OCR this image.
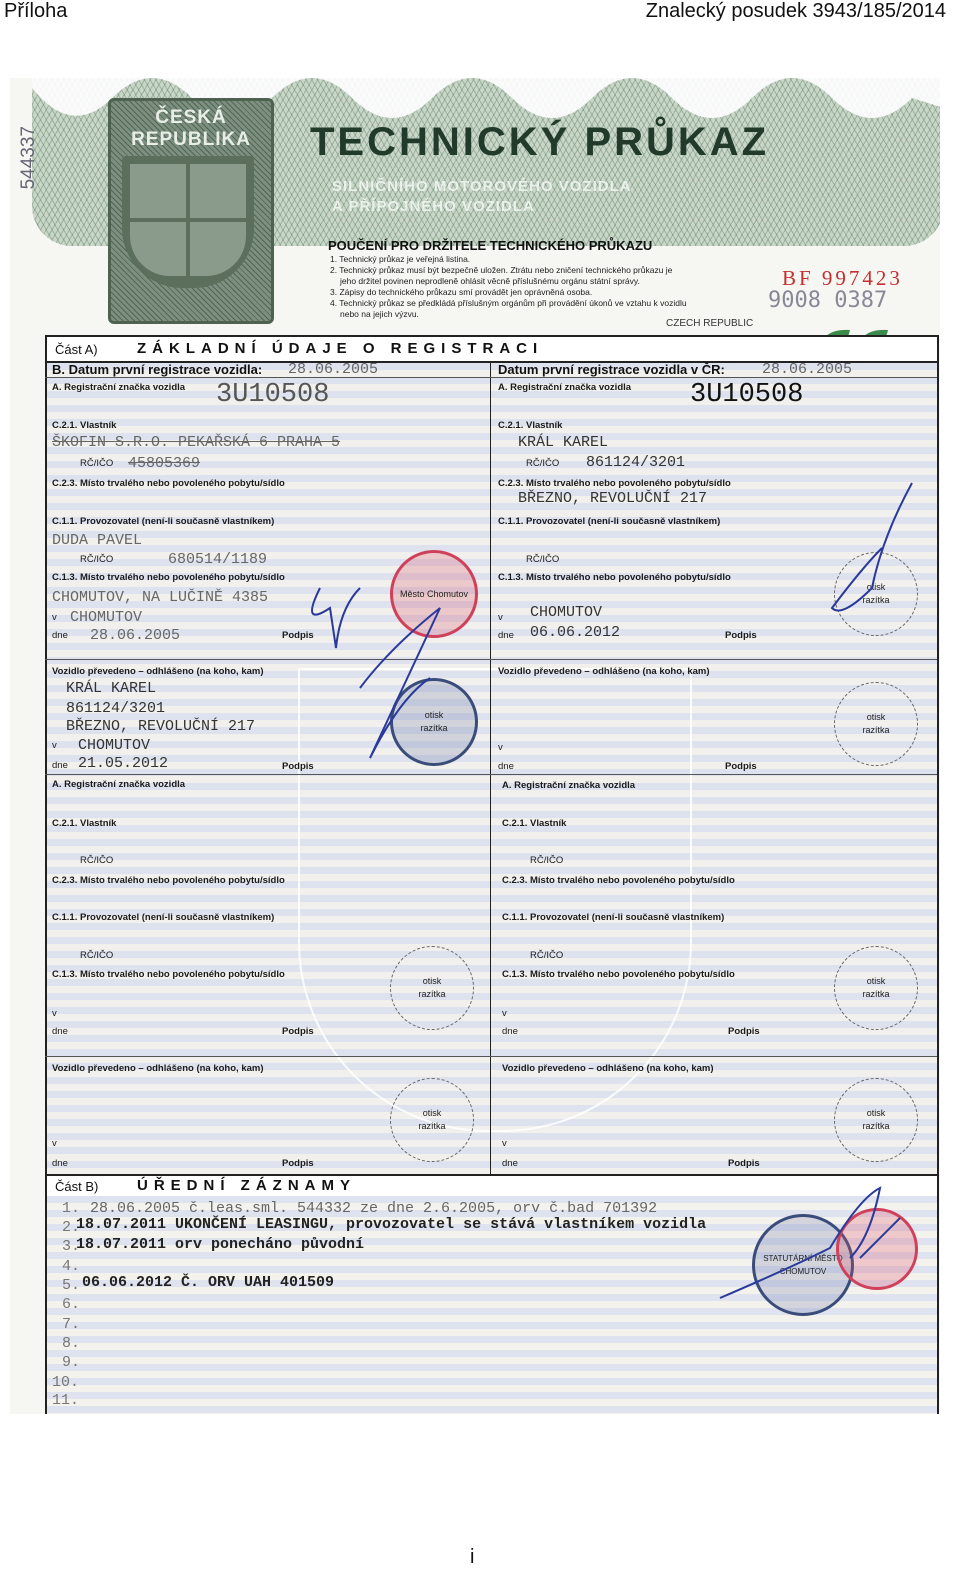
Příloha	Znalecký posudek 3943/185/2014
544337
ČESKÁ
REPUBLIKA	TECHNICKÝ PRŮKAZ
SILNIČNÍHO MOTOROVÉHO VOZIDLA
A PŘÍPOJNÉHO VOZIDLA
POUČENÍ PRO DRŽITELE TECHNICKÉHO PRŮKAZU
1. Technický průkaz je veřejná listina.
2. Technický průkaz musí být bezpečně uložen. Ztrátu nebo zničení technického průkazu je
jeho držitel povinen neprodleně ohlásit věcně příslušnému orgánu státní správy.
3. Zápisy do technického průkazu smí provádět jen oprávněná osoba.
4. Technický průkaz se předkládá příslušným orgánům při provádění úkonů ve vztahu k vozidlu
nebo na jejich výzvu.
BF 997423
9008 0387
CZECH REPUBLIC
Část A)	ZÁKLADNÍ ÚDAJE O REGISTRACI
B. Datum první registrace vozidla: 28.06.2005	Datum první registrace vozidla v ČR: 28.06.2005
A. Registrační značka vozidla 3U10508
C.2.1. Vlastník
ŠKOFIN S.R.O. PEKAŘSKÁ 6 PRAHA 5
RČ/IČO 45805369
C.2.3. Místo trvalého nebo povoleného pobytu/sídlo
C.1.1. Provozovatel (není-li současně vlastníkem)
DUDA PAVEL
RČ/IČO	680514/1189
C.1.3. Místo trvalého nebo povoleného pobytu/sídlo
CHOMUTOV, NA LUČINĚ 4385
v CHOMUTOV
dne 28.06.2005	Podpis
Město Chomutov
Vozidlo převedeno – odhlášeno (na koho, kam)
KRÁL KAREL
861124/3201
BŘEZNO, REVOLUČNÍ 217
v CHOMUTOV
dne 21.05.2012	Podpis
otisk
razítka
A. Registrační značka vozidla 3U10508
C.2.1. Vlastník
KRÁL KAREL
RČ/IČO 861124/3201
C.2.3. Místo trvalého nebo povoleného pobytu/sídlo
BŘEZNO, REVOLUČNÍ 217
C.1.1. Provozovatel (není-li současně vlastníkem)
RČ/IČO
C.1.3. Místo trvalého nebo povoleného pobytu/sídlo
v CHOMUTOV
dne 06.06.2012	Podpis
otisk
razítka
Vozidlo převedeno – odhlášeno (na koho, kam)
v
dne	Podpis
otisk
razítka
A. Registrační značka vozidla
C.2.1. Vlastník
RČ/IČO
C.2.3. Místo trvalého nebo povoleného pobytu/sídlo
C.1.1. Provozovatel (není-li současně vlastníkem)
RČ/IČO
C.1.3. Místo trvalého nebo povoleného pobytu/sídlo
v
dne	Podpis
otisk
razítka
Vozidlo převedeno – odhlášeno (na koho, kam)
v
dne	Podpis
otisk
razítka
A. Registrační značka vozidla
C.2.1. Vlastník
RČ/IČO
C.2.3. Místo trvalého nebo povoleného pobytu/sídlo
C.1.1. Provozovatel (není-li současně vlastníkem)
RČ/IČO
C.1.3. Místo trvalého nebo povoleného pobytu/sídlo
v
dne	Podpis
otisk
razítka
Vozidlo převedeno – odhlášeno (na koho, kam)
v
dne	Podpis
otisk
razítka
Část B)	ÚŘEDNÍ ZÁZNAMY
1. 28.06.2005 č.leas.sml. 544332 ze dne 2.6.2005, orv č.bad 701392
2.
18.07.2011 UKONČENÍ LEASINGU, provozovatel se stává vlastníkem vozidla
3.
18.07.2011 orv ponecháno původní
4.
5. 06.06.2012 Č. ORV UAH 401509
6.
7.
8.
9.
10.
11.
STATUTÁRNÍ MĚSTO CHOMUTOV
i
